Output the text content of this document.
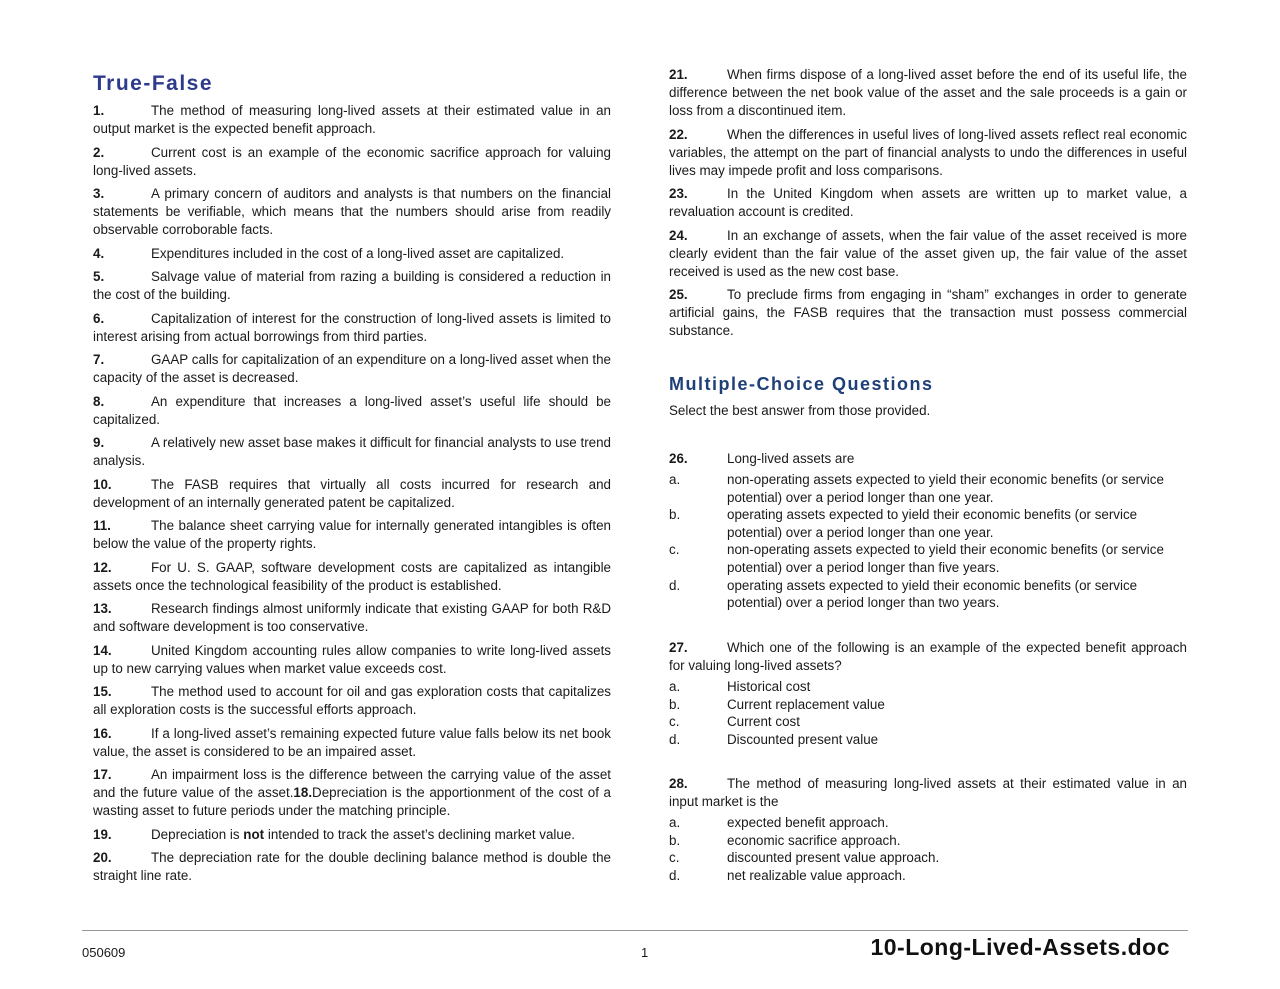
True-False

1.	The method of measuring long-lived assets at their estimated value in an output market is the expected benefit approach.

2.	Current cost is an example of the economic sacrifice approach for valuing long-lived assets.

3.	A primary concern of auditors and analysts is that numbers on the financial statements be verifiable, which means that the numbers should arise from readily observable corroborable facts.

4.	Expenditures included in the cost of a long-lived asset are capitalized.

5.	Salvage value of material from razing a building is considered a reduction in the cost of the building.

6.	Capitalization of interest for the construction of long-lived assets is limited to interest arising from actual borrowings from third parties.

7.	GAAP calls for capitalization of an expenditure on a long-lived asset when the capacity of the asset is decreased.

8.	An expenditure that increases a long-lived asset’s useful life should be capitalized.

9.	A relatively new asset base makes it difficult for financial analysts to use trend analysis.

10.	The FASB requires that virtually all costs incurred for research and development of an internally generated patent be capitalized.

11.	The balance sheet carrying value for internally generated intangibles is often below the value of the property rights.

12.	For U. S. GAAP, software development costs are capitalized as intangible assets once the technological feasibility of the product is established.

13.	Research findings almost uniformly indicate that existing GAAP for both R&D and software development is too conservative.

14.	United Kingdom accounting rules allow companies to write long-lived assets up to new carrying values when market value exceeds cost.

15.	The method used to account for oil and gas exploration costs that capitalizes all exploration costs is the successful efforts approach.

16.	If a long-lived asset’s remaining expected future value falls below its net book value, the asset is considered to be an impaired asset.

17.	An impairment loss is the difference between the carrying value of the asset and the future value of the asset.18.Depreciation is the apportionment of the cost of a wasting asset to future periods under the matching principle.

19.	Depreciation is not intended to track the asset’s declining market value.

20.	The depreciation rate for the double declining balance method is double the straight line rate.

21.	When firms dispose of a long-lived asset before the end of its useful life, the difference between the net book value of the asset and the sale proceeds is a gain or loss from a discontinued item.

22.	When the differences in useful lives of long-lived assets reflect real economic variables, the attempt on the part of financial analysts to undo the differences in useful lives may impede profit and loss comparisons.

23.	In the United Kingdom when assets are written up to market value, a revaluation account is credited.

24.	In an exchange of assets, when the fair value of the asset received is more clearly evident than the fair value of the asset given up, the fair value of the asset received is used as the new cost base.

25.	To preclude firms from engaging in “sham” exchanges in order to generate artificial gains, the FASB requires that the transaction must possess commercial substance.

Multiple-Choice Questions
Select the best answer from those provided.
26.	Long-lived assets are
a.	non-operating assets expected to yield their economic benefits (or service potential) over a period longer than one year.
b.	operating assets expected to yield their economic benefits (or service potential) over a period longer than one year.
c.	non-operating assets expected to yield their economic benefits (or service potential) over a period longer than five years.
d.	operating assets expected to yield their economic benefits (or service potential) over a period longer than two years.
27.	Which one of the following is an example of the expected benefit approach for valuing long-lived assets?
a.	Historical cost
b.	Current replacement value
c.	Current cost
d.	Discounted present value
28.	The method of measuring long-lived assets at their estimated value in an input market is the
a.	expected benefit approach.
b.	economic sacrifice approach.
c.	discounted present value approach.
d.	net realizable value approach.
050609	1	10-Long-Lived-Assets.doc
